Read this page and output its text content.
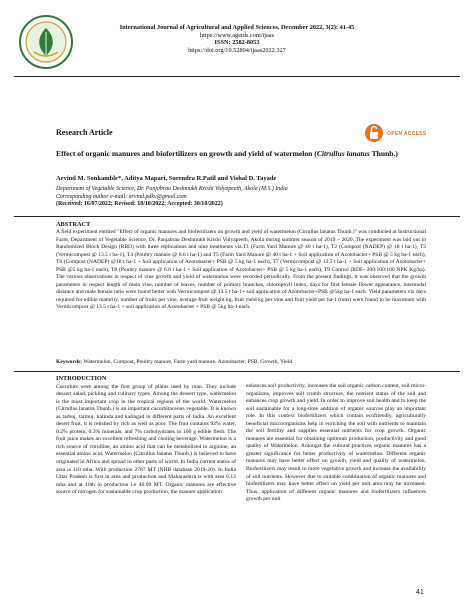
International Journal of Agricultural and Applied Sciences, December 2022, 3(2): 41-45
https://www.agetds.com/ijaas
ISSN: 2582-8053
https://doi.org/10.52804/ijaas2022.327
Research Article	OPEN ACCESS
Effect of organic manures and biofertilizers on growth and yield of watermelon (Citrullus lanatus Thunb.)
Arvind M. Sonkamble*, Aditya Mapari, Surendra R.Patil and Vishal D. Tayade
Department of Vegetable Science, Dr. Panjabrao Deshmukh Krishi Vidyapeeth, Akola (M.S.) India
Corresponding author e-mail: arvind.pdkv@gmail.com
(Received: 16/07/2022; Revised: 18/10/2022; Accepted: 30/10/2022)
ABSTRACT

A field experiment entitled "Effect of organic manures and biofertilizers on growth and yield of watermelon (Citrullus lanatus Thunb.)" was conducted at Instructional Farm, Department of Vegetable Science, Dr. Panjabrao Deshmukh Krishi Vidyapeeth, Akola during summer season of 2019 – 2020. The experiment was laid out in Randomized Block Design (RBD) with three replications and nine treatments viz.T1 (Farm Yard Manure @ 40 t ha-1), T2 (Compost (NADEP) @ 18 t ha-1), T3 (Vermicompost @ 13.5 t ha-1), T4 (Poultry manure @ 6.6 t ha-1) and T5 (Farm Yard Manure @ 40 t ha-1 + Soil application of Azotobacter+ PSB @ 5 kg ha-1 each), T6 (Compost (NADEP) @18 t ha-1 + Soil application of Azotobacter+ PSB @ 5 kg ha-1 each), T7 (Vermicompost @ 13.5 t ha-1 + Soil application of Azotobacter+ PSB @5 kg ha-1 each), T8 (Poultry manure @ 6.6 t ha-1 + Soil application of Azotobacter+ PSB @ 5 kg ha-1 each), T9 Control (RDF- 200:100:100 NPK Kg/ha). The various observations in respect of vine growth and yield of watermelon were recorded periodically. From the present findings, it was observed that the growth parameters in respect length of main vine, number of leaves, number of primary branches, chlorophyll index, days for first female flower appearance, internodal distance and male female ratio were found better with Vermicompost @ 13.5 t ha-1+ soil application of Azotobacter+PSB @5kg ha-1 each. Yield parameters viz days required for edible maturity, number of fruits per vine, average fruit weight kg, fruit yield kg per vine and fruit yield per ha-1 (tons) were found to be maximum with Vermicompost @ 13.5 t ha-1 + soil application of Azotobacter + PSB @ 5kg ha-1 each.

Keywords: Watermelon, Compost, Poultry manure, Farm yard manure, Azotobacter, PSB, Growth, Yield.

INTRODUCTION

Cucurbits were among the first group of plants used by man. They include dessert salad, pickling and culinary types. Among the dessert type, watermelon is the most important crop in the tropical regions of the world. Watermelon (Citrullus lanatus Thunb.) is an important cucurbitaceous vegetable. It is known as tarbuj, tarmuj, kalinda and kalingad in different parts of India. An excellent desert fruit, it is relished by rich as well as poor. The fruit contains 92% water, 0.2% protein, 0.3% minerals, and 7% carbohydrates in 100 g edible flesh. The fruit juice makes an excellent refreshing and cooling beverage. Watermelon is a rich source of citrulline, an amino acid that can be metabolized to arginine, an essential amino acid. Watermelon (Citrullus lanatus Thunb.) is believed to have originated in Africa and spread to other parts of world. In India current status of area is 110 mha. With production 2787 MT (NHB database 2019-20). In India Uttar Pradesh is first in area and production and Maharashtra is with area 6.12 mha and at 10th in production i.e 46.99 MT. Organic manures are effective source of nitrogen for sustainable crop production, the manure application

enhances soil productivity, increases the soil organic carbon content, soil micro-organisms, improves soil crumb structure, the nutrient status of the soil and enhances crop growth and yield. In order to improve soil health and to keep the soil sustainable for a long-time addition of organic sources play an important role. In this context biofertilizers which contain ecofriendly, agriculturally beneficial microorganisms help in enriching the soil with nutrients to maintain the soil fertility and supplies essential nutrients for crop growth. Organic manures are essential for obtaining optimum production, productivity and good quality of Watermelon. Amongst the cultural practices organic manures has a greater significance for better productivity of watermelon. Different organic manures may have better effect on growth, yield and quality of watermelon. Biofertilizers may result in more vegetative growth and increase the availability of soil nutrients. However due to suitable combination of organic manures and biofertilizers may have better effect on yield per unit area may be increased. Thus, application of different organic manures and biofertilizers influences growth per unit

41
